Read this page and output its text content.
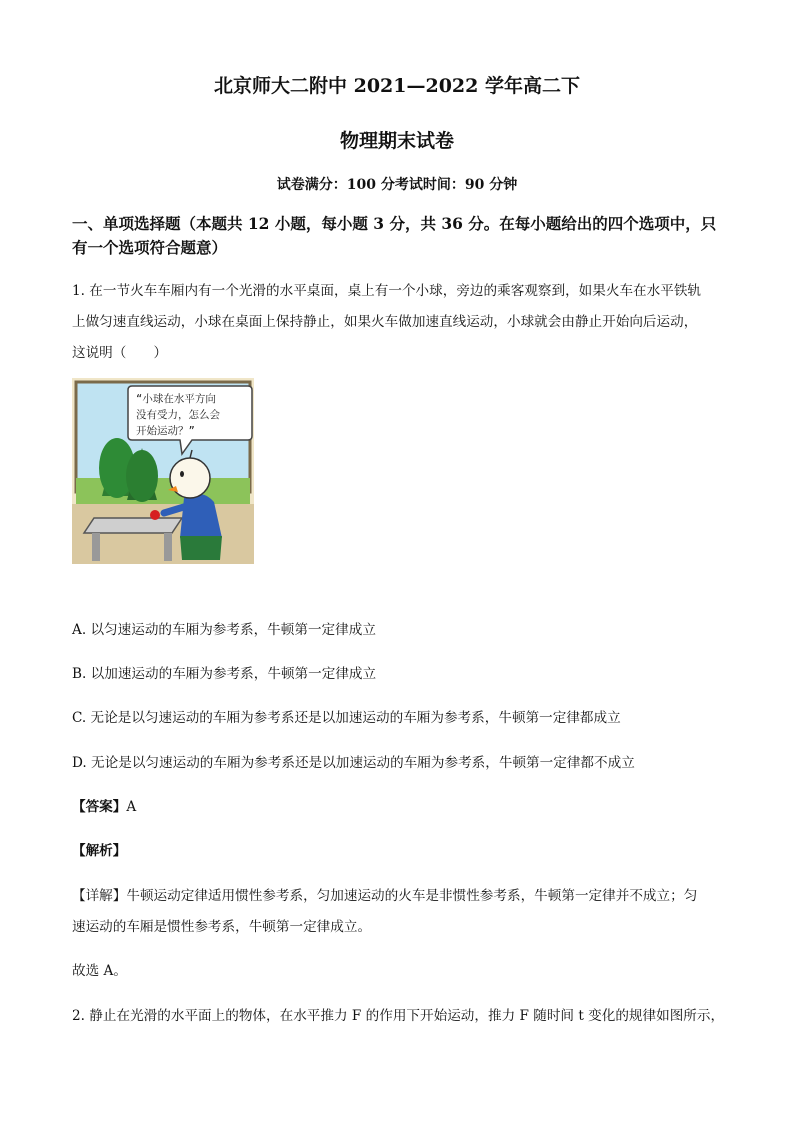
北京师大二附中 2021—2022 学年高二下
物理期末试卷
试卷满分：100 分考试时间：90 分钟
一、单项选择题（本题共 12 小题，每小题 3 分，共 36 分。在每小题给出的四个选项中，只
有一个选项符合题意）
1. 在一节火车车厢内有一个光滑的水平桌面，桌上有一个小球，旁边的乘客观察到，如果火车在水平铁轨
上做匀速直线运动，小球在桌面上保持静止，如果火车做加速直线运动，小球就会由静止开始向后运动，
这说明（　　）
“小球在水平方向
没有受力，怎么会
开始运动？”
A. 以匀速运动的车厢为参考系，牛顿第一定律成立
B. 以加速运动的车厢为参考系，牛顿第一定律成立
C. 无论是以匀速运动的车厢为参考系还是以加速运动的车厢为参考系，牛顿第一定律都成立
D. 无论是以匀速运动的车厢为参考系还是以加速运动的车厢为参考系，牛顿第一定律都不成立
【答案】A
【解析】
【详解】牛顿运动定律适用惯性参考系，匀加速运动的火车是非惯性参考系，牛顿第一定律并不成立；匀
速运动的车厢是惯性参考系，牛顿第一定律成立。
故选 A。
2. 静止在光滑的水平面上的物体，在水平推力 F 的作用下开始运动，推力 F 随时间 t 变化的规律如图所示，
